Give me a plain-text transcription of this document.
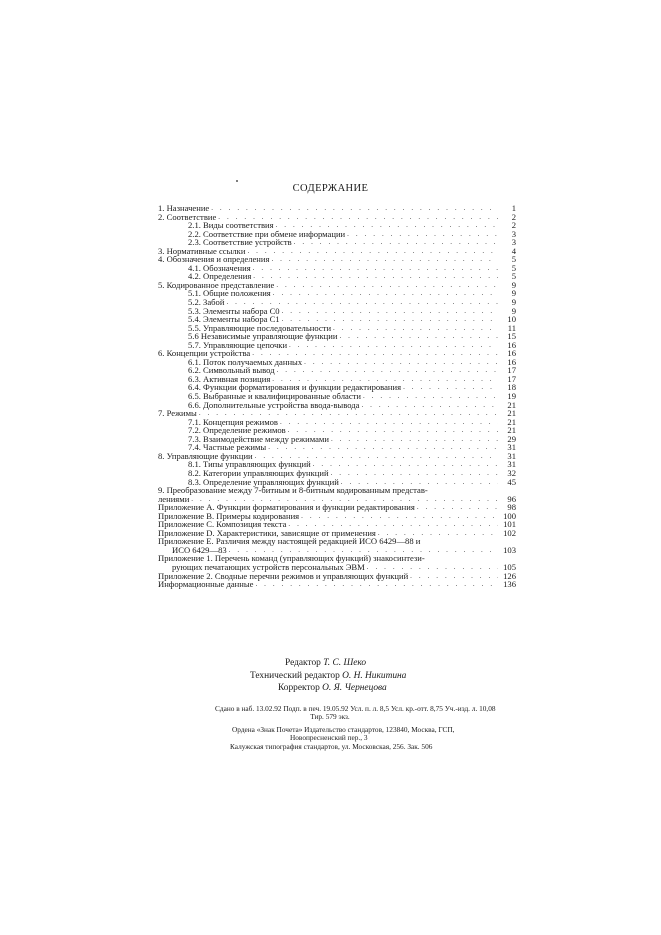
СОДЕРЖАНИЕ
1. Назначение . . .	1
2. Соответствие . . .	2
2.1. Виды соответствия . . .	2
2.2. Соответствие при обмене информации . . .	3
2.3. Соответствие устройств . . .	3
3. Нормативные ссылки . . .	4
4. Обозначения и определения . . .	5
4.1. Обозначения . . .	5
4.2. Определения . . .	5
5. Кодированное представление . . .	9
5.1. Общие положения . . .	9
5.2. Забой . . .	9
5.3. Элементы набора С0 . . .	9
5.4. Элементы набора С1 . . .	10
5.5. Управляющие последовательности . . .	11
5.6 Независимые управляющие функции . . .	15
5.7. Управляющие цепочки . . .	16
6. Концепции устройства . . .	16
6.1. Поток получаемых данных . . .	16
6.2. Символьный вывод . . .	17
6.3. Активная позиция . . .	17
6.4. Функции форматирования и функции редактирования . . .	18
6.5. Выбранные и квалифицированные области . . .	19
6.6. Дополнительные устройства ввода-вывода . . .	21
7. Режимы . . .	21
7.1. Концепция режимов . . .	21
7.2. Определение режимов . . .	21
7.3. Взаимодействие между режимами . . .	29
7.4. Частные режимы . . .	31
8. Управляющие функции . . .	31
8.1. Типы управляющих функций . . .	31
8.2. Категории управляющих функций . . .	32
8.3. Определение управляющих функций . . .	45
9. Преобразование между 7-битным и 8-битным кодированным представ-
лениями . . .	96
Приложение А. Функции форматирования и функции редактирования . . .	98
Приложение В. Примеры кодирования . . .	100
Приложение С. Композиция текста . . .	101
Приложение D. Характеристики, зависящие от применения . . .	102
Приложение Е. Различия между настоящей редакцией ИСО 6429—88 и
ИСО 6429—83 . . .	103
Приложение 1. Перечень команд (управляющих функций) знакосинтези-
рующих печатающих устройств персональных ЭВМ . . .	105
Приложение 2. Сводные перечни режимов и управляющих функций . . .	126
Информационные данные . . .	136
Редактор Т. С. Шеко
Технический редактор О. Н. Никитина
Корректор О. Я. Чернецова
Сдано в наб. 13.02.92 Подп. в печ. 19.05.92 Усл. п. л. 8,5 Усл. кр.-отт. 8,75 Уч.-изд. л. 10,08
Тир. 579 экз.
Ордена «Знак Почета» Издательство стандартов, 123840, Москва, ГСП,
Новопресненский пер., 3
Калужская типография стандартов, ул. Московская, 256. Зак. 506
